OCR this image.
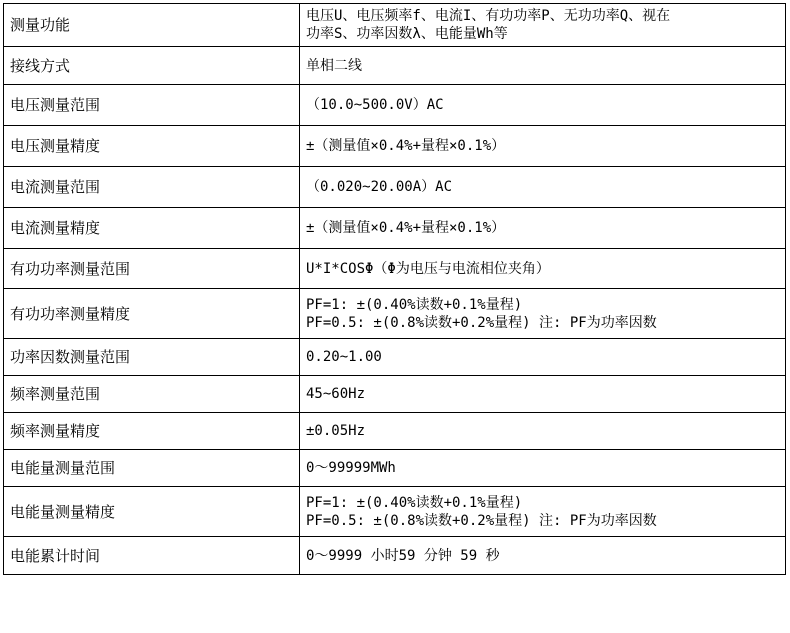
测量功能	电压U、电压频率f、电流I、有功功率P、无功功率Q、视在
功率S、功率因数λ、电能量Wh等

接线方式	单相二线
电压测量范围	（10.0~500.0V）AC
电压测量精度	±（测量值×0.4%+量程×0.1%）
电流测量范围	（0.020~20.00A）AC
电流测量精度	±（测量值×0.4%+量程×0.1%）
有功功率测量范围	U*I*COSΦ（Φ为电压与电流相位夹角）
有功功率测量精度	PF=1: ±(0.40%读数+0.1%量程)
PF=0.5: ±(0.8%读数+0.2%量程) 注: PF为功率因数

功率因数测量范围	0.20~1.00
频率测量范围	45~60Hz
频率测量精度	±0.05Hz
电能量测量范围	0～99999MWh
电能量测量精度	PF=1: ±(0.40%读数+0.1%量程)
PF=0.5: ±(0.8%读数+0.2%量程) 注: PF为功率因数

电能累计时间	0～9999 小时59 分钟 59 秒
